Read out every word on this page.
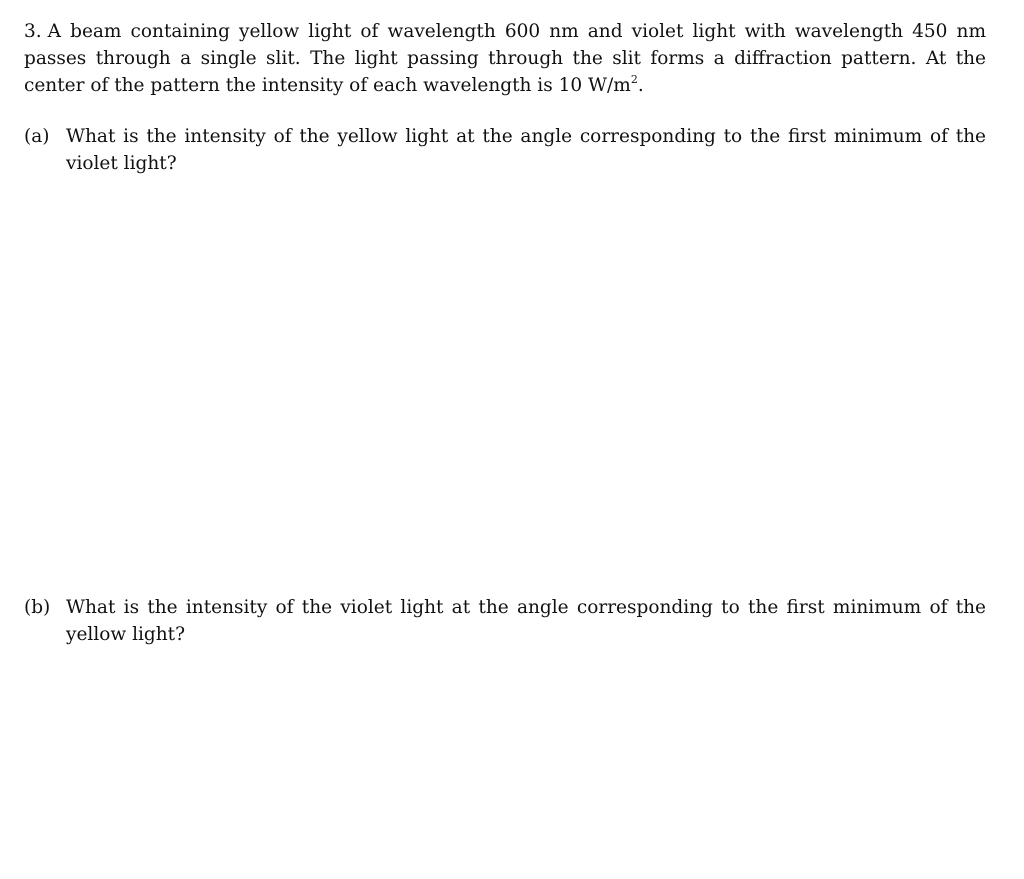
3. A beam containing yellow light of wavelength 600 nm and violet light with wavelength 450 nm passes through a single slit. The light passing through the slit forms a diffraction pattern. At the center of the pattern the intensity of each wavelength is 10 $W/m^2$.

(a) What is the intensity of the yellow light at the angle corresponding to the first minimum of the violet light?
(b) What is the intensity of the violet light at the angle corresponding to the first minimum of the yellow light?
